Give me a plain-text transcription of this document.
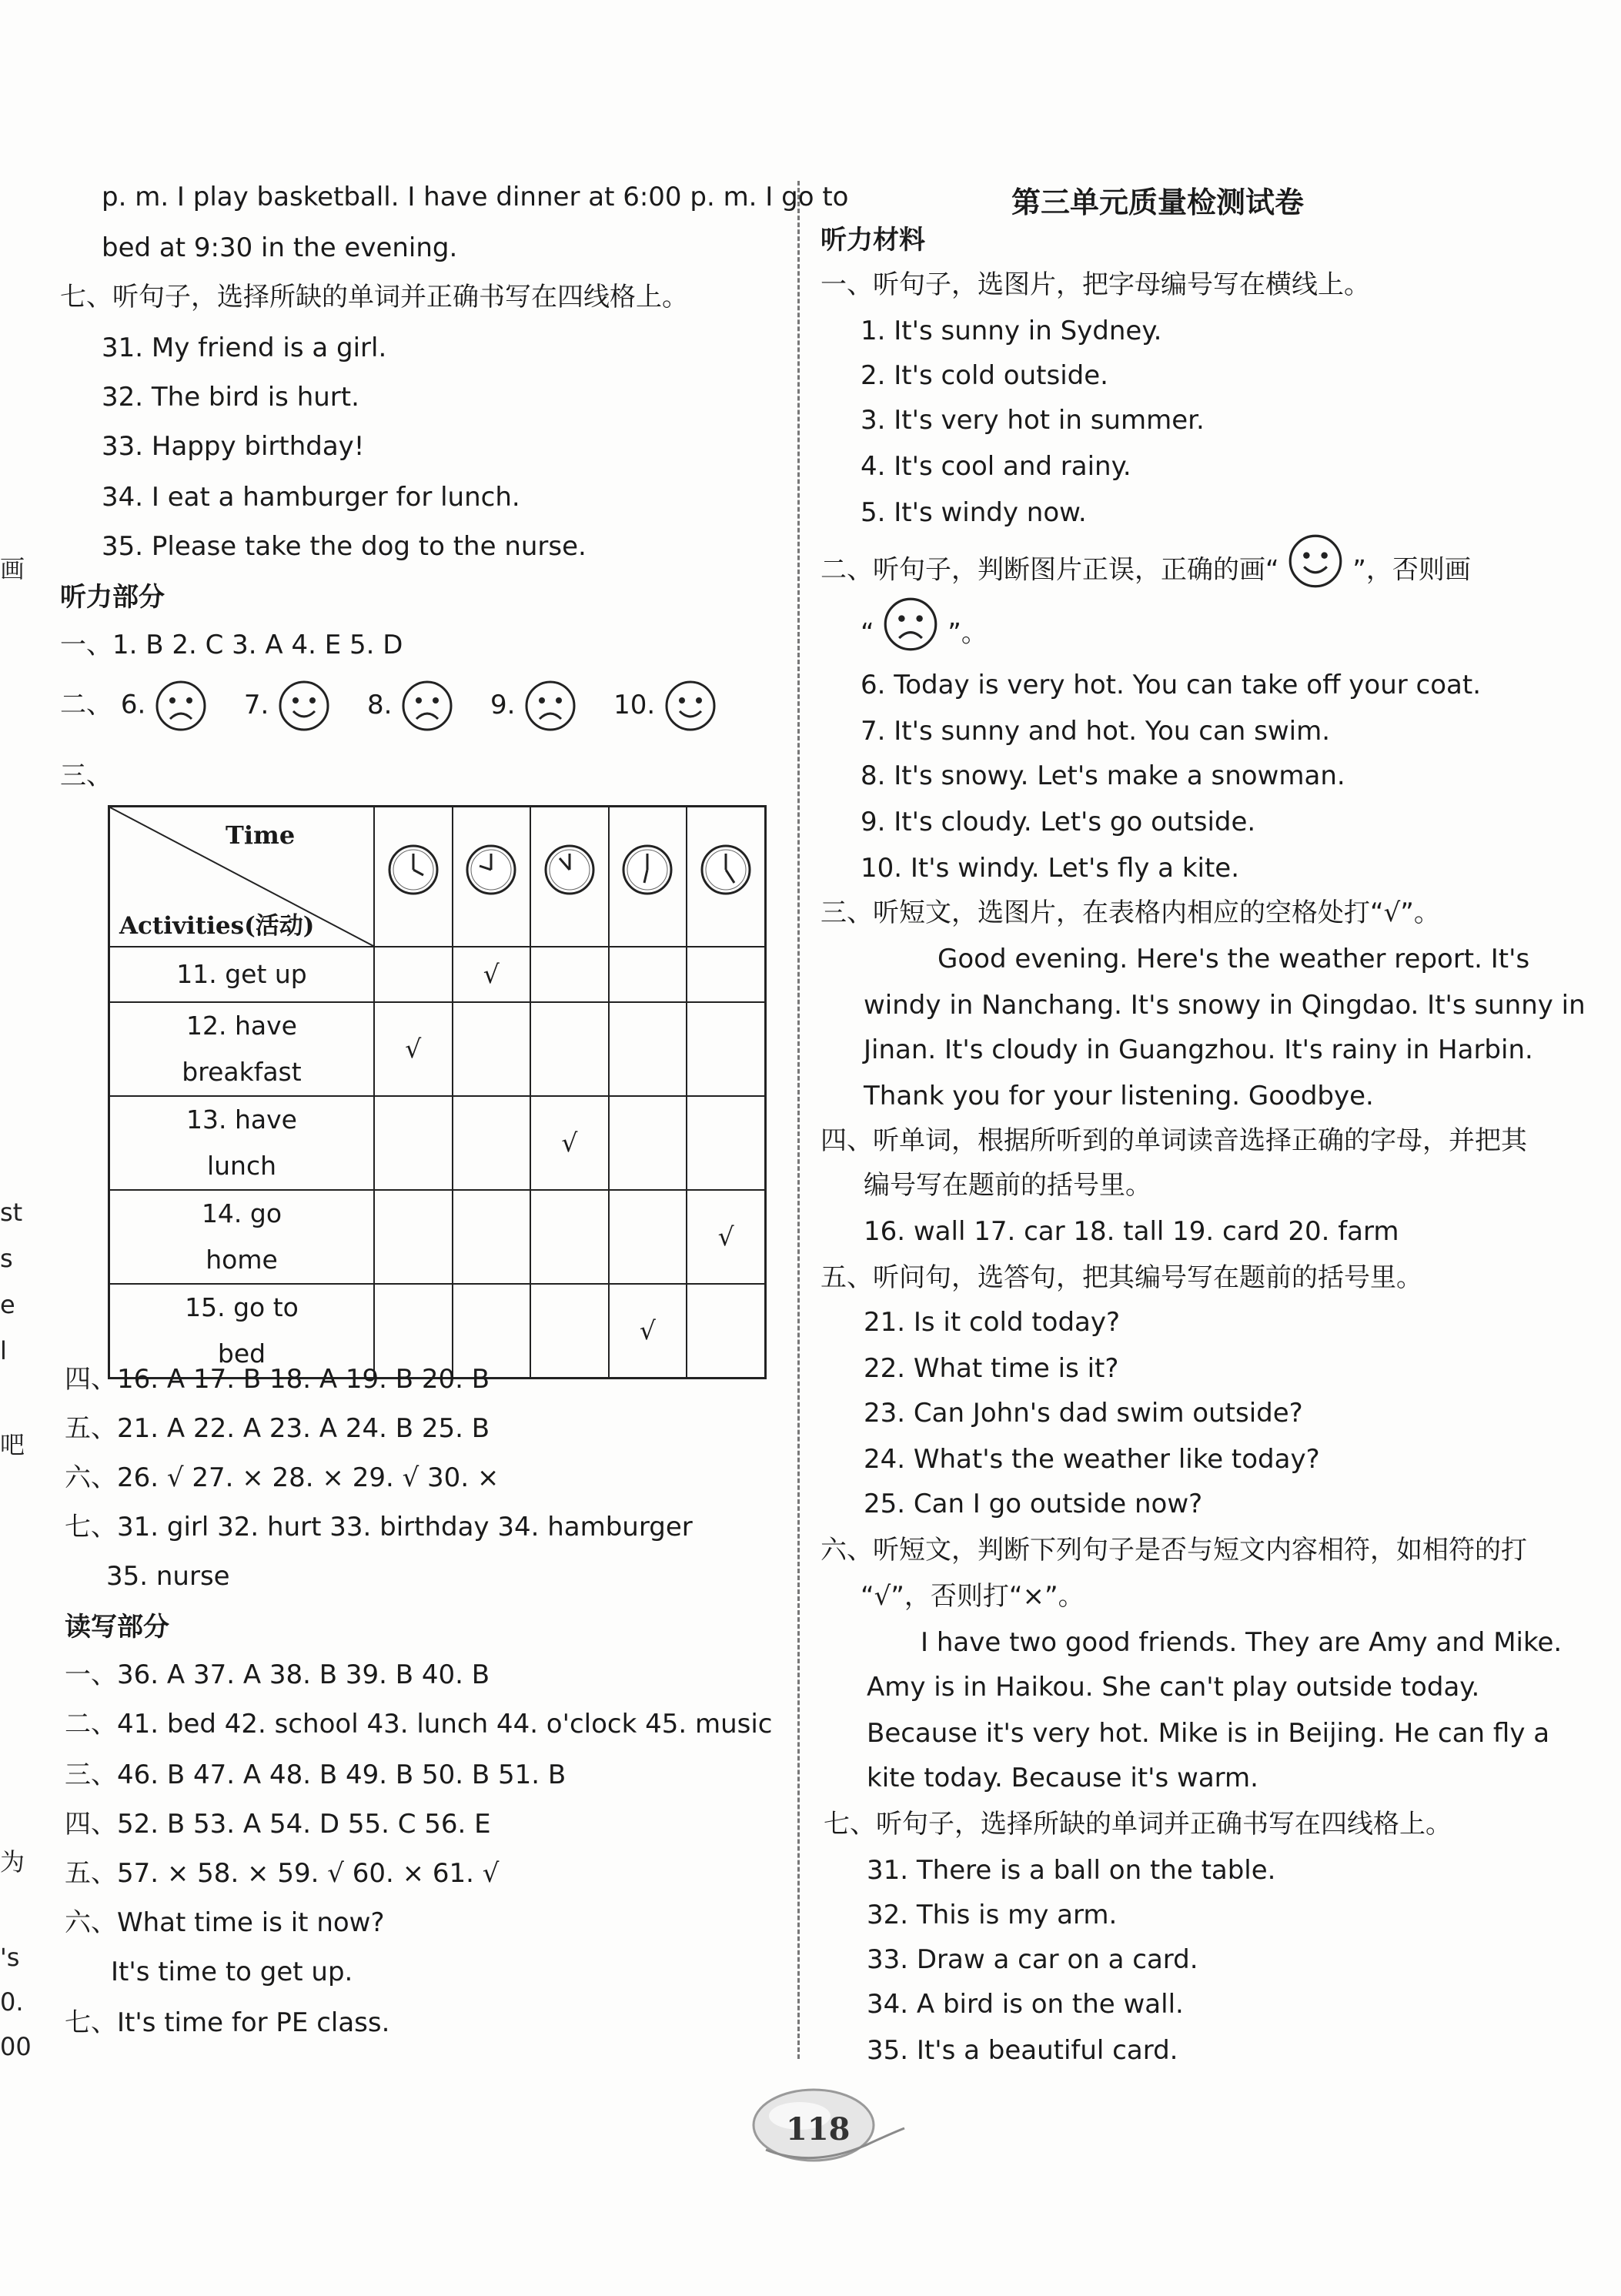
画
st
s
e
l
吧
为
's
0.
00
p. m. I play basketball. I have dinner at 6:00 p. m. I go to
bed at 9:30 in the evening.
七、听句子，选择所缺的单词并正确书写在四线格上。
31. My friend is a girl.
32. The bird is hurt.
33. Happy birthday!
34. I eat a hamburger for lunch.
35. Please take the dog to the nurse.
听力部分
一、1. B 2. C 3. A 4. E 5. D
二、 6.	7.	8.	9.	10.
三、
Time
Activities(活动)

11. get up		√			
12. have
breakfast	√				
13. have
lunch			√		
14. go
home					√
15. go to
bed				√	
四、16. A 17. B 18. A 19. B 20. B
五、21. A 22. A 23. A 24. B 25. B
六、26. √ 27. × 28. × 29. √ 30. ×
七、31. girl 32. hurt 33. birthday 34. hamburger
35. nurse
读写部分
一、36. A 37. A 38. B 39. B 40. B
二、41. bed 42. school 43. lunch 44. o'clock 45. music
三、46. B 47. A 48. B 49. B 50. B 51. B
四、52. B 53. A 54. D 55. C 56. E
五、57. × 58. × 59. √ 60. × 61. √
六、What time is it now?
It's time to get up.
七、It's time for PE class.
第三单元质量检测试卷
听力材料
一、听句子，选图片，把字母编号写在横线上。
1. It's sunny in Sydney.
2. It's cold outside.
3. It's very hot in summer.
4. It's cool and rainy.
5. It's windy now.
二、听句子，判断图片正误，正确的画“	”，否则画
“	”。
6. Today is very hot. You can take off your coat.
7. It's sunny and hot. You can swim.
8. It's snowy. Let's make a snowman.
9. It's cloudy. Let's go outside.
10. It's windy. Let's fly a kite.
三、听短文，选图片，在表格内相应的空格处打“√”。
Good evening. Here's the weather report. It's
windy in Nanchang. It's snowy in Qingdao. It's sunny in
Jinan. It's cloudy in Guangzhou. It's rainy in Harbin.
Thank you for your listening. Goodbye.
四、听单词，根据所听到的单词读音选择正确的字母，并把其
编号写在题前的括号里。
16. wall 17. car 18. tall 19. card 20. farm
五、听问句，选答句，把其编号写在题前的括号里。
21. Is it cold today?
22. What time is it?
23. Can John's dad swim outside?
24. What's the weather like today?
25. Can I go outside now?
六、听短文，判断下列句子是否与短文内容相符，如相符的打
“√”，否则打“×”。
I have two good friends. They are Amy and Mike.
Amy is in Haikou. She can't play outside today.
Because it's very hot. Mike is in Beijing. He can fly a
kite today. Because it's warm.
七、听句子，选择所缺的单词并正确书写在四线格上。
31. There is a ball on the table.
32. This is my arm.
33. Draw a car on a card.
34. A bird is on the wall.
35. It's a beautiful card.
118
